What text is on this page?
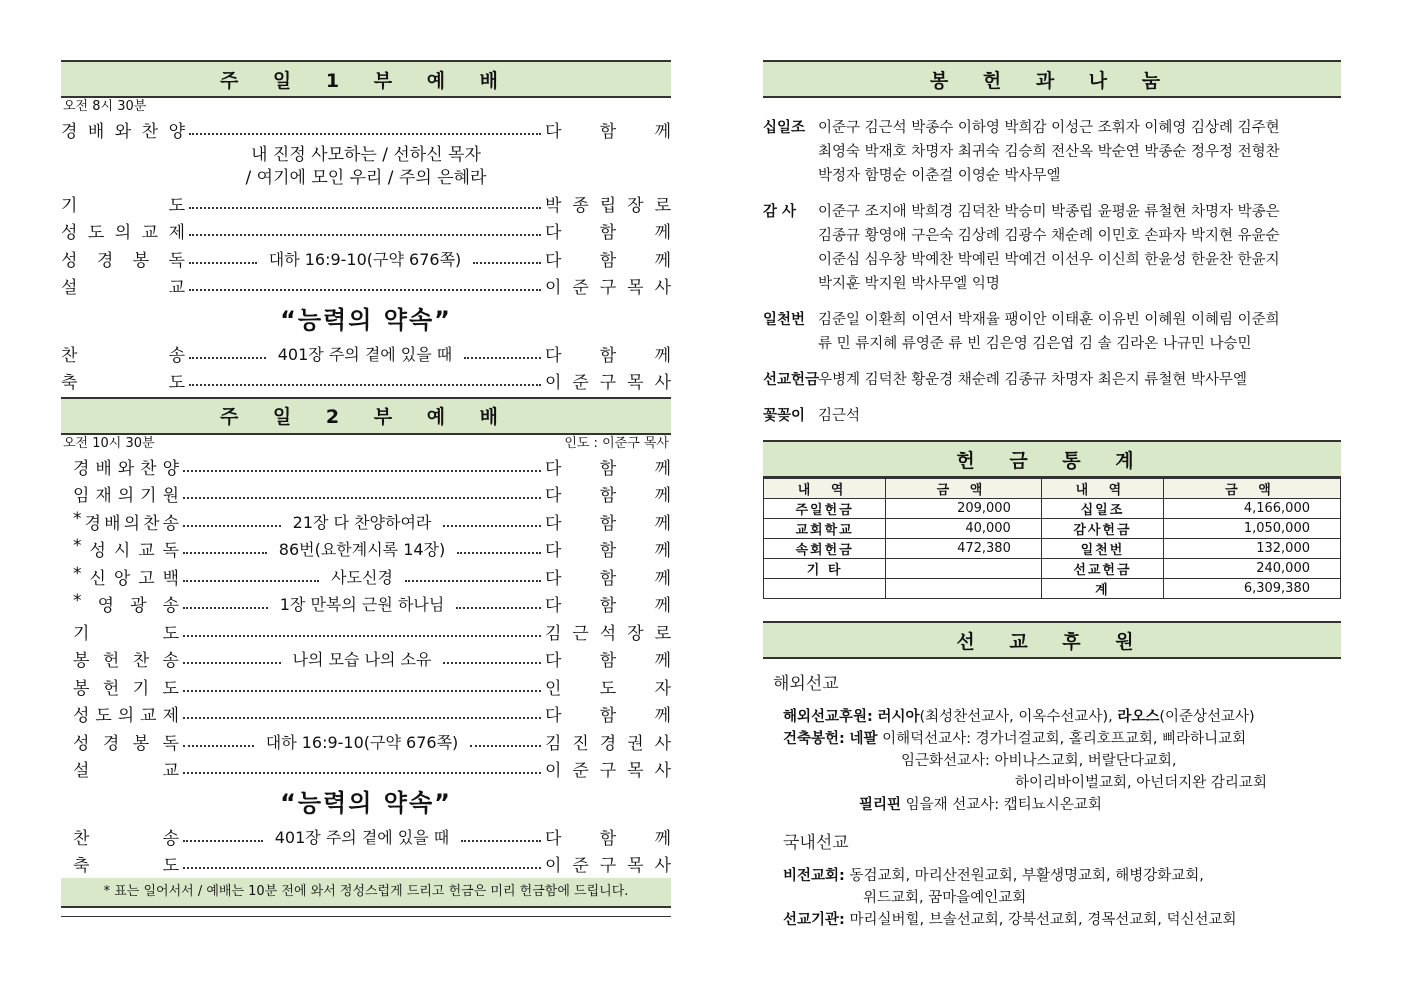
주 일 1 부 예 배
오전 8시 30분
경 배 와 찬 양	다 함 께
내 진정 사모하는 / 선하신 목자
/ 여기에 모인 우리 / 주의 은혜라
기	도	박 종 립 장 로
성 도 의 교 제	다 함 께
성 경 봉 독	대하 16:9-10(구약 676쪽)	다 함 께
설	교	이 준 구 목 사
“능력의 약속”
찬	송	401장 주의 곁에 있을 때	다 함 께
축	도	이 준 구 목 사
주 일 2 부 예 배
오전 10시 30분	인도 : 이준구 목사
경 배 와 찬 양	다 함 께
임 재 의 기 원	다 함 께
* 경 배 의 찬 송	21장 다 찬양하여라	다 함 께
* 성 시 교 독	86번(요한계시록 14장)	다 함 께
* 신 앙 고 백	사도신경	다 함 께
* 영 광 송	1장 만복의 근원 하나님	다 함 께
기	도	김 근 석 장 로
봉 헌 찬 송	나의 모습 나의 소유	다 함 께
봉 헌 기 도	인 도 자
성 도 의 교 제	다 함 께
성 경 봉 독	대하 16:9-10(구약 676쪽)	김 진 경 권 사
설	교	이 준 구 목 사
“능력의 약속”
찬	송	401장 주의 곁에 있을 때	다 함 께
축	도	이 준 구 목 사
* 표는 일어서서 / 예배는 10분 전에 와서 정성스럽게 드리고 헌금은 미리 헌금함에 드립니다.
봉 헌 과 나 눔
십일조 이준구 김근석 박종수 이하영 박희감 이성근 조휘자 이혜영 김상례 김주현
최영숙 박재호 차명자 최귀숙 김승희 전산옥 박순연 박종순 정우정 전형찬
박정자 함명순 이춘걸 이영순 박사무엘
감 사	이준구 조지애 박희경 김덕찬 박승미 박종립 윤평윤 류철현 차명자 박종은
김종규 황영애 구은숙 김상례 김광수 채순례 이민호 손파자 박지현 유윤순
이준심 심우창 박예찬 박예린 박예건 이선우 이신희 한윤성 한윤찬 한윤지
박지훈 박지원 박사무엘 익명
일천번 김준일 이환희 이연서 박재율 팽이안 이태훈 이유빈 이혜원 이혜림 이준희
류 민 류지혜 류영준 류 빈 김은영 김은엽 김 솔 김라온 나규민 나승민
선교헌금
우병계 김덕찬 황운경 채순례 김종규 차명자 최은지 류철현 박사무엘
꽃꽂이 김근석
헌 금 통 계
내 역	금 액	내 역	금 액
주일헌금	209,000	십일조	4,166,000
교회학교	40,000	감사헌금	1,050,000
속회헌금	472,380	일천번	132,000
기 타		선교헌금	240,000
		계	6,309,380
선 교 후 원
해외선교
해외선교후원: 러시아(최성찬선교사, 이옥수선교사), 라오스(이준상선교사)
건축봉헌: 네팔 이해덕선교사: 경가너걸교회, 홀리호프교회, 삐라하니교회
임근화선교사: 아비나스교회, 버랄단다교회,
하이리바이벌교회, 아넌더지완 감리교회
필리핀 임을재 선교사: 캡티뇨시온교회
국내선교
비전교회: 동검교회, 마리산전원교회, 부활생명교회, 해병강화교회,
위드교회, 꿈마을예인교회
선교기관: 마리실버힐, 브솔선교회, 강북선교회, 경목선교회, 덕신선교회
